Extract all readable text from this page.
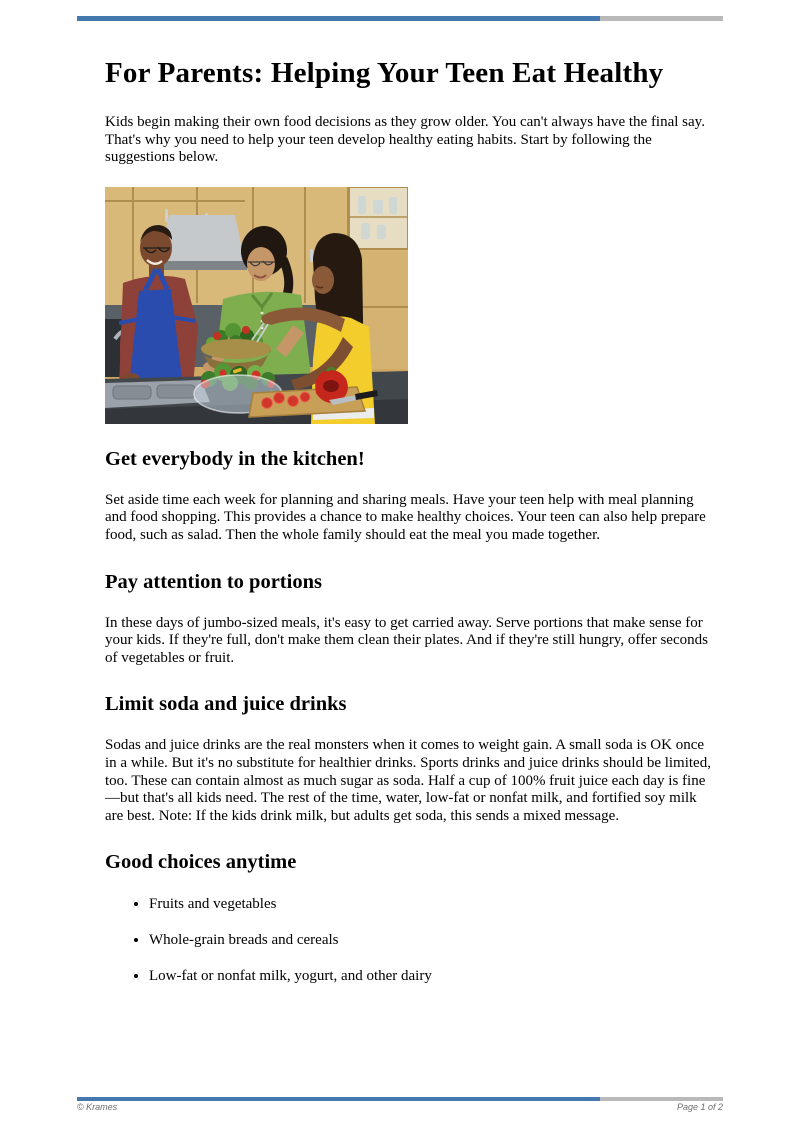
For Parents: Helping Your Teen Eat Healthy

Kids begin making their own food decisions as they grow older. You can't always have the final say. That's why you need to help your teen develop healthy eating habits. Start by following the suggestions below.

Get everybody in the kitchen!

Set aside time each week for planning and sharing meals. Have your teen help with meal planning and food shopping. This provides a chance to make healthy choices. Your teen can also help prepare food, such as salad. Then the whole family should eat the meal you made together.

Pay attention to portions

In these days of jumbo-sized meals, it's easy to get carried away. Serve portions that make sense for your kids. If they're full, don't make them clean their plates. And if they're still hungry, offer seconds of vegetables or fruit.

Limit soda and juice drinks

Sodas and juice drinks are the real monsters when it comes to weight gain. A small soda is OK once in a while. But it's no substitute for healthier drinks. Sports drinks and juice drinks should be limited, too. These can contain almost as much sugar as soda. Half a cup of 100% fruit juice each day is fine—but that's all kids need. The rest of the time, water, low-fat or nonfat milk, and fortified soy milk are best. Note: If the kids drink milk, but adults get soda, this sends a mixed message.

Good choices anytime
• Fruits and vegetables
• Whole-grain breads and cereals
• Low-fat or nonfat milk, yogurt, and other dairy
© Krames	Page 1 of 2
